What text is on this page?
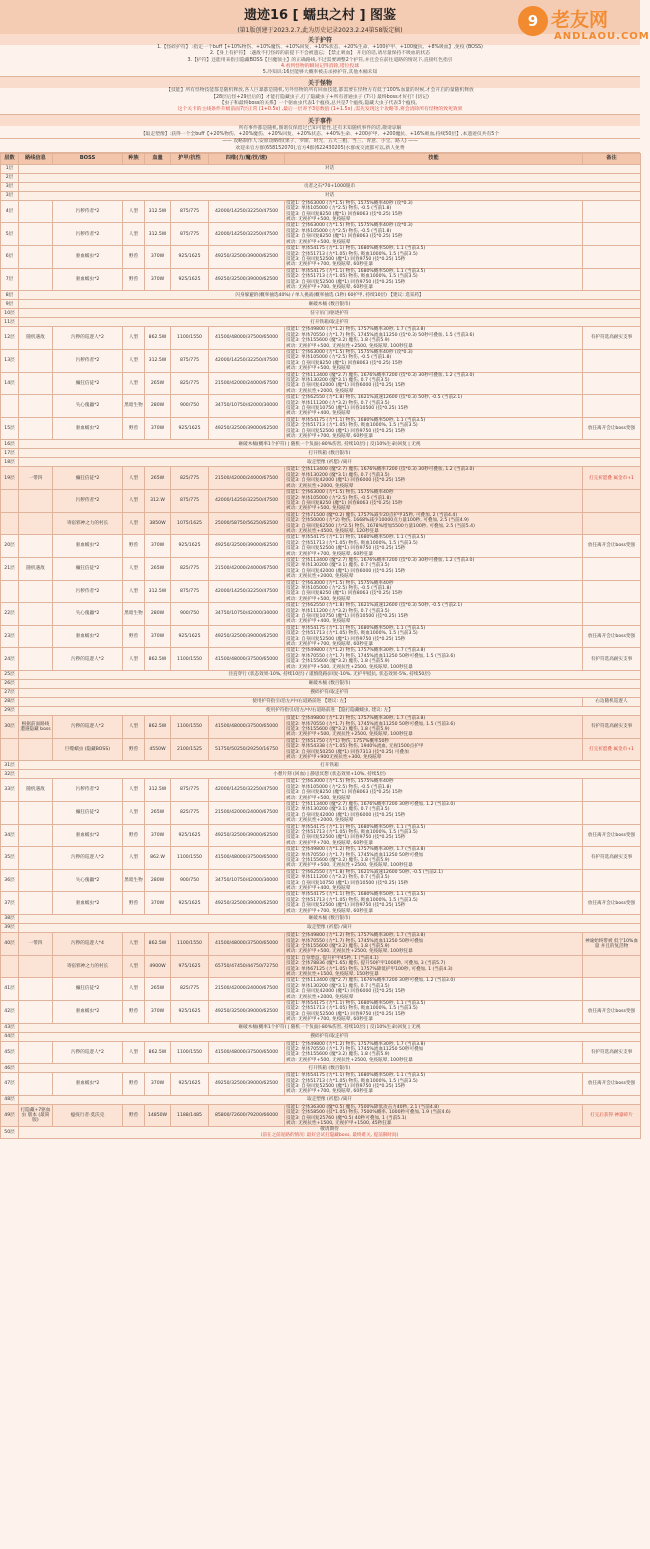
遗迹16 [ 蠕虫之村 ] 图鉴
(第1版创建于2023.2.7,此为历史记录2023.2.24第58版定稿)
9 老友网
ANDLAOU.COM
关于护符
1.【怪碎护符】 :指定一个buff【+10%物伤、+10%魔伤、+10%回复、+10%状态、+20%生命、+100护甲、+100魔抗、+8%吸血】,免疫 (BOSS)
2.【身上有护符】 :遇敌不打怪碎的前提下不会被遗忘; 【禁止吸血】 开启的话,请尽量保持不吸血的状态
3.【护符】还能用来指引隐藏BOSS【巨魔领主】的正确路线,不过需要调整2个护符,并且会在前往道路的情况下,直接红色指引
4.看到怪物的瞬间记得消除,错位投球
5.冷知识:16层能够大概率被击杀掉护符,其他木桶未知
关于怪物
【技能】所有怪物技能都是随机释放,各人巨暴都是随机,另外怪物的所有回血技能,都需要在怪物方有低于100%血量的时候,才会开启的量随机释放
【28层后怪+29层后的】才能打隐藏虫子,打了隐藏虫子+所有普通虫子 (7只) 最终boss才好打! (切记)
【虫子和最终boss的关系】一个驱血虫代表1个瘟疫,总共是7个瘟疫,隐藏大虫子代表3个瘟疫。
这个关卡的主线条件升级前面7层正常 (1+0.5x) ,最后一层寄予3倍数值 (1+1.5x) ,需先发现这个攻略等,将会清除所有怪物的致死效果
关于事件
所有事件都是随机,图谱仅保留过已知可能性,还有未知随机事件的话,敬请谅解
【取走塑像】:获得一个全buff【+20%物伤、+20%魔伤、+20%回复、+20%状态、+40%生命、+200护甲、+200魔抗、+16%吸血,持续50层】,本遗迹仅共有5个
—— 攻略制作人:安原攻略组(果子、罗斯、时光、五大三粗、当三、青意、小宝、路人) ——
欢迎来官方群(658152070),官方4群(622430205)水群或交流都可以,新人免费
层数	路线信息	BOSS	种族	血量	护甲/抗性	四维(力/魔/技/速)	技能	备注
1层	对话							
2层								
3层	贡者之石*70+1000银币							
3层	对话							
4层		污秽侍者*2	人型	312.5W	875/775	42000/14250/32250/47500	技能1: 全体63000 (力*1.5) 物伤, 1575%概率40秒 (攻*0.3)
技能2: 单体105000 (力*2.5) 物伤, -0.5 (当前1.8)
技能3: 自身回复8250 (魔*1) 回春8063 (技*0.25) 15秒
被动: 无视护甲+500, 免疫眩晕	

5层		污秽侍者*2	人型	312.5W	875/775	42000/14250/32250/47500	技能1: 全体63000 (力*1.5) 物伤, 1575%概率40秒 (攻*0.3)
技能2: 单体105000 (力*2.5) 物伤, -0.5 (当前1.8)
技能3: 自身回复8250 (魔*1) 回春8063 (技*0.25) 15秒
被动: 无视护甲+500, 免疫眩晕	

6层		驱血蠕虫*2	野兽	370W	925/1625	49250/32500/39000/62500	技能1: 单体54175 (力*1.1) 物伤, 1680%概率50秒, 1.1 (当前3.5)
技能2: 全体51713 (力*1.05) 物伤, 吸血1000%, 1.5 (当前3.5)
技能3: 自身回复52500 (魔*1) 回春9750 (技*0.25) 15秒
被动: 无视护甲+700, 免疫眩晕, 60秒狂暴	

7层		驱血蠕虫*2	野兽	370W	925/1625	49250/32500/39000/62500	技能1: 单体54175 (力*1.1) 物伤, 1680%概率50秒, 1.1 (当前3.5)
技能2: 全体51713 (力*1.05) 物伤, 吸血1000%, 1.5 (当前3.5)
技能3: 自身回复52500 (魔*1) 回春9750 (技*0.25) 15秒
被动: 无视护甲+700, 免疫眩晕, 60秒狂暴	

8层	闪身躲避的(概率抽选40%) / 单人挑战(概率抽选 (1秒) 60护甲, 持续10层) 【建议: 选采药】							
9层	砸破木桶 (数百银币)							
10层	驻守吊门/驱逐护符							
11层	打开铁箱/取走护符							
12层	随机遇敌	污秽的巡逻人*2	人型	862.5W	1100/1550	41500/48000/37500/65000	技能1: 全体49800 (力*1.2) 物伤, 1757%概率30秒, 1.7 (当前3.8)
技能2: 单体70550 (力*1.7) 物伤, 1745%流血11250 (技*0.3) 50秒可叠加, 1.5 (当前3.6)
技能3: 全体155600 (魔*3.2) 魔伤, 1.8 (当前5.9)
被动: 无视护甲+500, 无视抗性+2500, 免疫眩晕, 100秒狂暴	有护符选高耐实支事
13层		污秽侍者*2	人型	312.5W	875/775	42000/14250/32250/47500	技能1: 全体63000 (力*1.5) 物伤, 1575%概率40秒 (攻*0.3)
技能2: 单体105000 (力*2.5) 物伤, -0.5 (当前1.8)
技能3: 自身回复8250 (魔*1) 回春8063 (技*0.25) 15秒
被动: 无视护甲+500, 免疫眩晕	

14层		癫狂信徒*2	人型	265W	825/775	21500/42000/24000/67500	技能1: 全体113400 (魔*2.7) 魔伤, 1676%概率7200 (技*0.3) 30秒可叠加, 1.2 (当前3.0)
技能2: 单体130200 (魔*3.1) 魔伤, 0.7 (当前3.5)
技能3: 自身回复42000 (魔*1) 回春6000 (技*0.25) 15秒
被动: 无视抗性+2000, 免疫眩晕	

		失心傀儡*2	黑暗生物	280W	900/750	34750/10750/42000/30000	技能1: 全体62550 (力*1.8) 物伤, 1621%减速12600 (技*0.3) 50秒, -0.5 (当前2.1)
技能2: 单体111200 (力*3.2) 物伤, 0.7 (当前3.5)
技能3: 自身回复10750 (魔*1) 回春10500 (技*0.25) 15秒
被动: 无视护甲+400, 免疫眩晕	

15层		驱血蠕虫*2	野兽	370W	925/1625	49250/32500/39000/62500	技能1: 单体54175 (力*1.1) 物伤, 1680%概率50秒, 1.1 (当前3.5)
技能2: 全体51713 (力*1.05) 物伤, 吸血1000%, 1.5 (当前3.5)
技能3: 自身回复52500 (魔*1) 回春9750 (技*0.25) 15秒
被动: 无视护甲+700, 免疫眩晕, 60秒狂暴	放任离开会让boss变强
16层	砸破木桶(概率1个护符) | 随机一个负面(-80%伤害, 持续10层) | 反(10%生命)回复 | 无视							
17层	打开铁箱 (数百银币)							
18层	取走塑像 (祈愿) /离开							
19层	一带四	癫狂信徒*2	人型	265W	825/775	21500/42000/24000/67500	技能1: 全体113400 (魔*2.7) 魔伤, 1676%概率7200 (技*0.3) 30秒可叠加, 1.2 (当前3.0)
技能2: 单体130200 (魔*3.1) 魔伤, 0.7 (当前3.5)
技能3: 自身回复42000 (魔*1) 回春6000 (技*0.25) 15秒
被动: 无视抗性+2000, 免疫眩晕	打完祈愿叠 属金币+1
		污秽侍者*2	人型	312.W	875/775	42000/14250/32250/47500	技能1: 全体63000 (力*1.5) 物伤, 1575%概率40秒
技能2: 单体105000 (力*2.5) 物伤, -0.5 (当前1.8)
技能3: 自身回复8250 (魔*1) 回春8063 (技*0.25) 15秒
被动: 无视护甲+500, 免疫眩晕	

		寄宿邪神之力的村长	人型	3850W	1075/1625	25000/58750/56250/62500	技能1: 全体71500 (魔*0.2) 魔伤, 1757%减少20点护甲35秒, 可叠加, 2 (当前4.4)
技能2: 全体50000 (力*2) 物伤, 1668%减少10000点力量100秒, 可叠加, 2.5 (当前4.9)
技能3: 自身回复62500 (力*2.5) 物伤, 1678%增加5500力量100秒, 可叠加, 2.5 (当前5.4)
被动: 无视抗性+4500, 免疫眩晕, 120秒狂暴	

20层		驱血蠕虫*2	野兽	370W	925/1625	49250/32500/39000/62500	技能1: 单体54175 (力*1.1) 物伤, 1680%概率50秒, 1.1 (当前3.5)
技能2: 全体51713 (力*1.05) 物伤, 吸血1000%, 1.5 (当前3.5)
技能3: 自身回复52500 (魔*1) 回春9750 (技*0.25) 15秒
被动: 无视护甲+700, 免疫眩晕, 60秒狂暴	放任离开会让boss变强
21层	随机遇敌	癫狂信徒*2	人型	265W	825/775	21500/42000/24000/67500	技能1: 全体113400 (魔*2.7) 魔伤, 1676%概率7200 (技*0.3) 30秒可叠加, 1.2 (当前3.0)
技能2: 单体130200 (魔*3.1) 魔伤, 0.7 (当前3.5)
技能3: 自身回复42000 (魔*1) 回春6000 (技*0.25) 15秒
被动: 无视抗性+2000, 免疫眩晕	

		污秽侍者*2	人型	312.5W	875/775	42000/14250/32250/47500	技能1: 全体63000 (力*1.5) 物伤, 1575%概率40秒
技能2: 单体105000 (力*2.5) 物伤, -0.5 (当前1.8)
技能3: 自身回复8250 (魔*1) 回春8063 (技*0.25) 15秒
被动: 无视护甲+500, 免疫眩晕	

22层		失心傀儡*2	黑暗生物	280W	900/750	34750/10750/42000/30000	技能1: 全体62550 (力*1.8) 物伤, 1621%减速12600 (技*0.3) 50秒, -0.5 (当前2.1)
技能2: 单体111200 (力*3.2) 物伤, 0.7 (当前3.5)
技能3: 自身回复10750 (魔*1) 回春10500 (技*0.25) 15秒
被动: 无视护甲+400, 免疫眩晕	

23层		驱血蠕虫*2	野兽	370W	925/1625	49250/32500/39000/62500	技能1: 单体54175 (力*1.1) 物伤, 1680%概率50秒, 1.1 (当前3.5)
技能2: 全体51713 (力*1.05) 物伤, 吸血1000%, 1.5 (当前3.5)
技能3: 自身回复52500 (魔*1) 回春9750 (技*0.25) 15秒
被动: 无视护甲+700, 免疫眩晕, 60秒狂暴	放任离开会让boss变强
24层		污秽的巡逻人*2	人型	862.5W	1100/1550	41500/48000/37500/65000	技能1: 全体49800 (力*1.2) 物伤, 1757%概率30秒, 1.7 (当前3.8)
技能2: 单体70550 (力*1.7) 物伤, 1745%流血11250 50秒可叠加, 1.5 (当前3.6)
技能3: 全体155600 (魔*3.2) 魔伤, 1.8 (当前5.9)
被动: 无视护甲+500, 无视抗性+2500, 免疫眩晕, 100秒狂暴	有护符选高耐实支事
25层	径直穿行 (状态效果-10%, 持续10层) / 谨慎绕路(回复-10%, 无护甲抵抗, 状态效果-5%, 持续50层)							
26层	砸破木桶 (数百银币)							
27层	搜碎护符/取走护符							
28层	使用护符指引/沿左/中/右道路前进 【建议: 左】							右边随机巡逻人
29层	使用护符指引/沿左/中/右道路前进 【隐打隐藏蠕虫, 建议: 左】							
30层	根据前面路线 遭遇隐藏 boss	污秽的巡逻人*2	人型	862.5W	1100/1550	41500/48000/37500/65000	技能1: 全体49800 (力*1.2) 物伤, 1757%概率30秒, 1.7 (当前3.8)
技能2: 单体70550 (力*1.7) 物伤, 1745%流血11250 50秒可叠加, 1.5 (当前3.6)
技能3: 全体155600 (魔*3.2) 魔伤, 1.8 (当前5.9)
被动: 无视护甲+500, 无视抗性+2500, 免疫眩晕, 100秒狂暴	有护符选高耐实支事
		巨噬蠕虫 (隐藏BOSS)	野兽	4550W	2100/1525	51750/50250/29250/16750	技能1: 全体51750 (力*1) 物伤, 1757%概率50秒
技能2: 单体54338 (力*1.05) 物伤, 1940%流血, 无视1500点护甲
技能3: 自身回复50250 (魔*1) 回春7313 (技*0.25) 可叠加
被动: 无视护甲+900无视抗性+300, 免疫眩晕	打完祈愿叠 属金币+1
31层	打开铁箱							
32层	小憩片刻 (回血) | 静思冥想 (状态效果+10%, 持续5层)							
33层	随机遇敌	污秽侍者*2	人型	312.5W	875/775	42000/14250/32250/47500	技能1: 全体63000 (力*1.5) 物伤, 1575%概率40秒
技能2: 单体105000 (力*2.5) 物伤, -0.5 (当前1.8)
技能3: 自身回复8250 (魔*1) 回春8063 (技*0.25) 15秒
被动: 无视护甲+500, 免疫眩晕	

		癫狂信徒*2	人型	265W	825/775	21500/42000/24000/67500	技能1: 全体113400 (魔*2.7) 魔伤, 1676%概率7200 30秒可叠加, 1.2 (当前3.0)
技能2: 单体130200 (魔*3.1) 魔伤, 0.7 (当前3.5)
技能3: 自身回复42000 (魔*1) 回春6000 (技*0.25) 15秒
被动: 无视抗性+2000, 免疫眩晕	

34层		驱血蠕虫*2	野兽	370W	925/1625	49250/32500/39000/62500	技能1: 单体54175 (力*1.1) 物伤, 1680%概率50秒, 1.1 (当前3.5)
技能2: 全体51713 (力*1.05) 物伤, 吸血1000%, 1.5 (当前3.5)
技能3: 自身回复52500 (魔*1) 回春9750 (技*0.25) 15秒
被动: 无视护甲+700, 免疫眩晕, 60秒狂暴	放任离开会让boss变强
35层		污秽的巡逻人*2	人型	862.W	1100/1550	41500/48000/37500/65000	技能1: 全体49800 (力*1.2) 物伤, 1757%概率30秒, 1.7 (当前3.8)
技能2: 单体70550 (力*1.7) 物伤, 1745%流血11250 50秒可叠加
技能3: 全体155600 (魔*3.2) 魔伤, 1.8 (当前5.9)
被动: 无视护甲+500, 无视抗性+2500, 免疫眩晕, 100秒狂暴	有护符选高耐实支事
36层		失心傀儡*2	黑暗生物	280W	900/750	34750/10750/42000/30000	技能1: 全体62550 (力*1.8) 物伤, 1621%减速12600 50秒, -0.5 (当前2.1)
技能2: 单体111200 (力*3.2) 物伤, 0.7 (当前3.5)
技能3: 自身回复10750 (魔*1) 回春10500 (技*0.25) 15秒
被动: 无视护甲+400, 免疫眩晕	

37层		驱血蠕虫*2	野兽	370W	925/1625	49250/32500/39000/62500	技能1: 单体54175 (力*1.1) 物伤, 1680%概率50秒, 1.1 (当前3.5)
技能2: 全体51713 (力*1.05) 物伤, 吸血1000%, 1.5 (当前3.5)
技能3: 自身回复52500 (魔*1) 回春9750 (技*0.25) 15秒
被动: 无视护甲+700, 免疫眩晕, 60秒狂暴	放任离开会让boss变强
38层	砸破木桶 (数百银币)							
39层	取走塑像 (祈愿) /离开							
40层	一带四	污秽的巡逻人*4	人型	862.5W	1100/1550	41500/48000/37500/65000	技能1: 全体49800 (力*1.2) 物伤, 1757%概率30秒, 1.7 (当前3.8)
技能2: 单体70550 (力*1.7) 物伤, 1745%流血11250 50秒可叠加
技能3: 全体155600 (魔*3.2) 魔伤, 1.8 (当前5.9)
被动: 无视护甲+500, 无视抗性+2500, 免疫眩晕, 100秒狂暴	神谕始终带被 低于10%血量 并且的复活物
		寄宿邪神之力的村长	人型	4900W	975/1625	65750/47450/44750/72750	技能1: 自身增益, 提升护甲45秒, 1 (当前4.1)
技能2: 全体78836 (魔*1.65) 魔伤, 提升50护甲1000秒, 可叠加, 3 (当前5.7)
技能3: 单体67125 (力*1.05) 物伤, 1757%降低护甲100秒, 可叠加, 1 (当前4.3)
被动: 无视抗性+1500, 免疫眩晕, 150秒狂暴	

41层		癫狂信徒*2	人型	265W	825/775	21500/42000/24000/67500	技能1: 全体113400 (魔*2.7) 魔伤, 1676%概率7200 30秒可叠加, 1.2 (当前3.0)
技能2: 单体130200 (魔*3.1) 魔伤, 0.7 (当前3.5)
技能3: 自身回复42000 (魔*1) 回春6000 (技*0.25) 15秒
被动: 无视抗性+2000, 免疫眩晕	

42层		驱血蠕虫*2	野兽	370W	925/1625	49250/32500/39000/62500	技能1: 单体54175 (力*1.1) 物伤, 1680%概率50秒, 1.1 (当前3.5)
技能2: 全体51713 (力*1.05) 物伤, 吸血1000%, 1.5 (当前3.5)
技能3: 自身回复52500 (魔*1) 回春9750 (技*0.25) 15秒
被动: 无视护甲+700, 免疫眩晕, 60秒狂暴	放任离开会让boss变强
43层	砸破木桶(概率1个护符) | 随机一个负面(-80%伤害, 持续10层) | 反(10%生命)回复 | 无视							
44层	搜碎护符/取走护符							
45层		污秽的巡逻人*2	人型	862.5W	1100/1550	41500/48000/37500/65000	技能1: 全体49800 (力*1.2) 物伤, 1757%概率30秒, 1.7 (当前3.8)
技能2: 单体70550 (力*1.7) 物伤, 1745%流血11250 50秒可叠加
技能3: 全体155600 (魔*3.2) 魔伤, 1.8 (当前5.9)
被动: 无视护甲+500, 无视抗性+2500, 免疫眩晕, 100秒狂暴	有护符选高耐实支事
46层	打开铁箱 (数百银币)							
47层		驱血蠕虫*2	野兽	370W	925/1625	49250/32500/39000/62500	技能1: 单体54175 (力*1.1) 物伤, 1680%概率50秒, 1.1 (当前3.5)
技能2: 全体51713 (力*1.05) 物伤, 吸血1000%, 1.5 (当前3.5)
技能3: 自身回复52500 (魔*1) 回春9750 (技*0.25) 15秒
被动: 无视护甲+700, 免疫眩晕, 60秒狂暴	放任离开会让boss变强
48层	取走塑像 (祈愿) /离开							
49层	打隐藏+7驱血虫 版本 (最简版)	瘟疫行者·莫沃克	野兽	14850W	1188/1485	85800/72600/79200/66000	技能1: 全体36300 (魔*0.5) 魔伤, 7500%降低攻击力40秒, 2.1 (当前4.8)
技能2: 全体58500 (技*1.05) 物伤, 7500%概率, 1000秒可叠加, 1.9 (当前4.6)
技能3: 自身回复25760 (魔*0.5) 40秒可叠加, 1 (当前5.1)
被动: 无视抗性+1500, 无视护甲+1500, 45秒狂暴	打完后获得 神器碎片
50层	敬请期待
(前在之前泥路的情况: 最好尝试打隐藏boss, 最终难关, 提前限时间)							
